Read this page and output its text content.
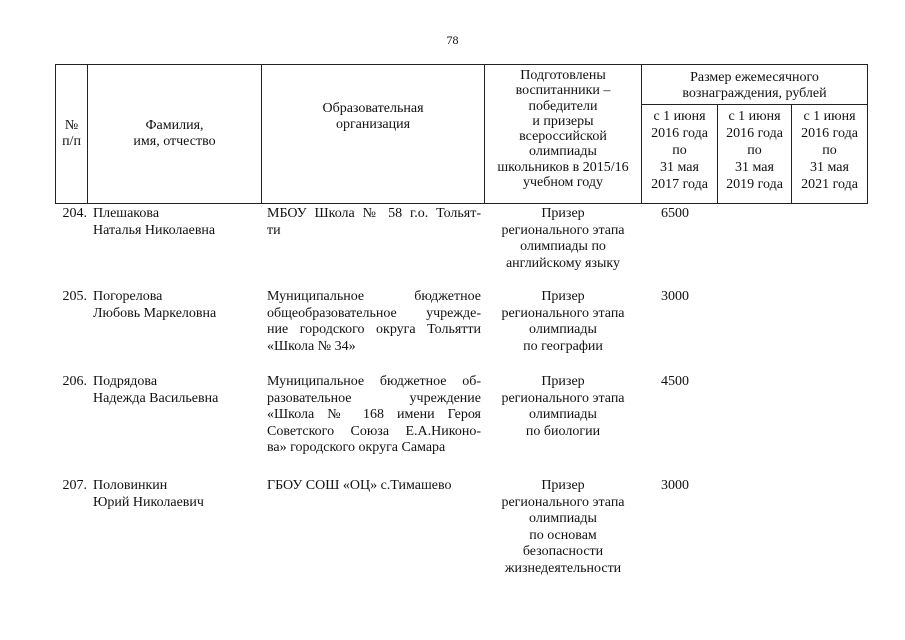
78
№
п/п
Фамилия,
имя, отчество
Образовательная
организация
Подготовлены
воспитанники –
победители
и призеры
всероссийской
олимпиады
школьников в 2015/16
учебном году
Размер ежемесячного
вознаграждения, рублей
с 1 июня
2016 года
по
31 мая
2017 года
с 1 июня
2016 года
по
31 мая
2019 года
с 1 июня
2016 года
по
31 мая
2021 года
204. Плешакова
Наталья Николаевна
МБОУ Школа № 58 г.о. Тольят-
ти
Призер
регионального этапа
олимпиады по
английскому языку
6500
205. Погорелова
Любовь Маркеловна
Муниципальное бюджетное
общеобразовательное учрежде-
ние городского округа Тольятти
«Школа № 34»
Призер
регионального этапа
олимпиады
по географии
3000
206. Подрядова
Надежда Васильевна
Муниципальное бюджетное об-
разовательное учреждение
«Школа № 168 имени Героя
Советского Союза Е.А.Никоно-
ва» городского округа Самара
Призер
регионального этапа
олимпиады
по биологии
4500
207. Половинкин
Юрий Николаевич
ГБОУ СОШ «ОЦ» с.Тимашево	Призер
регионального этапа
олимпиады
по основам
безопасности
жизнедеятельности
3000
